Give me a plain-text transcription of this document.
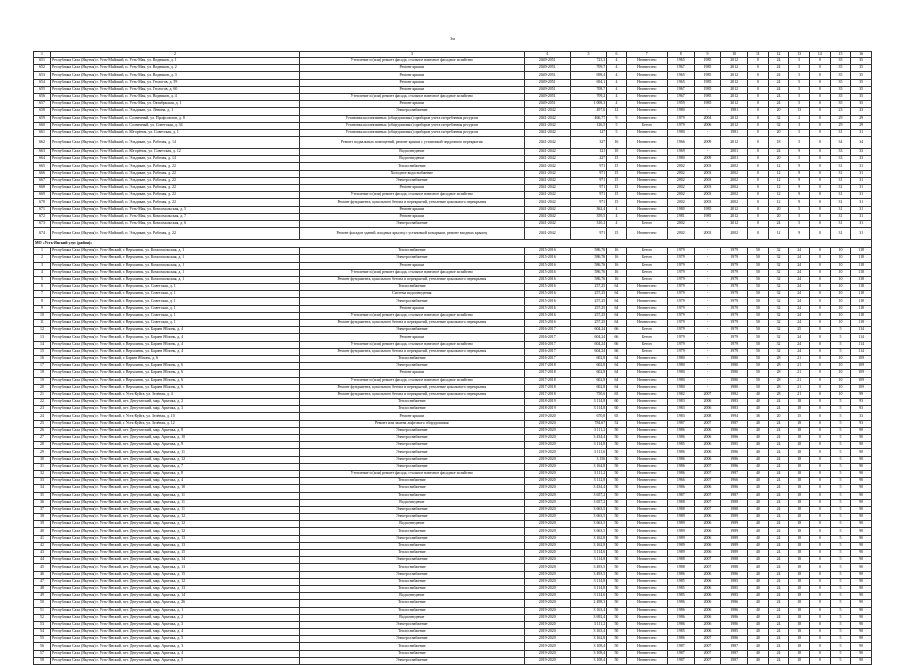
3м
1	2	3	4	5	6	7	8	9	10	11	12	13	14	15	16
651	Республика Саха (Якутия) г. Усть-Майский, п. Усть-Мая, ул. Водников, д. 1	Утепление и (или) ремонт фасада, стальное навесное фасадное хозяйство	2049-2051	723,3	4	Неизвестно	1965	1985	2012	0	24	5	0	35	35
652	Республика Саха (Якутия) г. Усть-Майский, п. Усть-Мая, ул. Водников, д. 2	Ремонт крыши	2049-2051	709,7	4	Неизвестно	1967	1985	2012	0	24	5	0	35	35
653	Республика Саха (Якутия) г. Усть-Майский, п. Усть-Мая, ул. Водников, д. 3	Ремонт крыши	2049-2051	698,4	4	Неизвестно	1965	1985	2012	0	24	5	0	35	35
654	Республика Саха (Якутия) г. Усть-Майский, п. Усть-Мая, ул. Геологов, д. 59	Ремонт крыши	2049-2051	694,1	4	Неизвестно	1965	1985	2012	0	24	5	0	35	35
655	Республика Саха (Якутия) г. Усть-Майский, п. Усть-Мая, ул. Геологов, д. 60	Ремонт крыши	2049-2051	708,7	4	Неизвестно	1967	1985	2012	0	24	5	0	35	35
656	Республика Саха (Якутия) г. Усть-Майский, п. Усть-Мая, ул. Водников, д. 4	Утепление и (или) ремонт фасада, стальное навесное фасадное хозяйство	2049-2051	709,2	4	Неизвестно	1967	1985	2012	0	24	5	0	35	35
657	Республика Саха (Якутия) г. Усть-Майский, п. Усть-Мая, ул. Октябрьская, д. 1	Ремонт крыши	2049-2051	1 008,3	4	Неизвестно	1959	1985	2012	0	24	5	0	35	35
658	Республика Саха (Якутия) г. Усть-Майский, п. Эльдикан, ул. Ленина, д. 1	Электроснабжение	2041-2042	497,0	12	Неизвестно	1980	-	1981	0	20	13	0	23	23
659	Республика Саха (Якутия) г. Усть-Майский, п. Солнечный, ул. Профсоюзов, д. 8	Установка коллективных (общедомовых) приборов учета потребления ресурсов	2041-2042	466,77	9	Неизвестно	1979	2004	2012	0	32	2	0	29	29
660	Республика Саха (Якутия) г. Усть-Майский, п. Солнечный, ул. Советская, д. 34	Установка коллективных (общедомовых) приборов учета потребления ресурсов	2041-2042	126,5	5	Бетон	1979	2006	2012	0	32	3	0	29	29
661	Республика Саха (Якутия) г. Усть-Майский, п. Югорёнок, ул. Советская, д. 1	Установка коллективных (общедомовых) приборов учета потребления ресурсов	2041-2042	127	5	Неизвестно	1980	-	1981	0	20	5	0	31	31
662	Республика Саха (Якутия) г. Усть-Майский, п. Эльдикан, ул. Рабочая, д. 14	Ремонт подвальных помещений, ремонт крыши с установкой чердачного перекрытия	2041-2042	327	16	Неизвестно	1966	2009	2012	0	18	5	0	34	34
663	Республика Саха (Якутия) г. Усть-Майский, п. Югорёнок, ул. Советская, д. 12	Водоотведение	2041-2042	121	10	Неизвестно	1969	-	2001	0	24	9	0	33	33
664	Республика Саха (Якутия) г. Усть-Майский, п. Эльдикан, ул. Рабочая, д. 14	Водоотведение	2041-2042	227	15	Неизвестно	1980	2009	2001	0	20	5	0	33	33
665	Республика Саха (Якутия) г. Усть-Майский, п. Эльдикан, ул. Рабочая, д. 22	Теплоснабжение	2041-2042	971	15	Неизвестно	2002	2003	2002	0	12	9	0	31	31
666	Республика Саха (Якутия) г. Усть-Майский, п. Эльдикан, ул. Рабочая, д. 22	Холодное водоснабжение	2041-2042	971	15	Неизвестно	2002	2003	2002	0	12	9	0	31	31
667	Республика Саха (Якутия) г. Усть-Майский, п. Эльдикан, ул. Рабочая, д. 22	Электроснабжение	2041-2042	971	15	Неизвестно	2002	2003	2002	0	12	9	0	31	31
668	Республика Саха (Якутия) г. Усть-Майский, п. Эльдикан, ул. Рабочая, д. 22	Ремонт крыши	2041-2042	971	15	Неизвестно	2002	2003	2002	0	12	9	0	31	31
669	Республика Саха (Якутия) г. Усть-Майский, п. Эльдикан, ул. Рабочая, д. 22	Утепление и (или) ремонт фасада, стальное навесное фасадное хозяйство	2041-2042	971	15	Неизвестно	2002	2003	2002	0	12	9	0	31	31
670	Республика Саха (Якутия) г. Усть-Майский, п. Эльдикан, ул. Рабочая, д. 22	Ремонт фундамента, цокольного бетона и перекрытий, утепление цокольного перекрытия	2041-2042	971	15	Неизвестно	2002	2003	2002	0	12	9	0	31	31
671	Республика Саха (Якутия) г. Усть-Майский, п. Усть-Мая, ул. Комсомольская, д. 5	Ремонт крыши	2041-2042	362,4	4	Неизвестно	1980	1985	2012	0	20	5	0	31	31
672	Республика Саха (Якутия) г. Усть-Майский, п. Усть-Мая, ул. Комсомольская, д. 7	Ремонт крыши	2041-2042	359,5	4	Неизвестно	1981	1985	2012	0	20	5	0	31	31
673	Республика Саха (Якутия) г. Усть-Майский, п. Усть-Мая, ул. Комсомольская, д. 6	Электроснабжение	2041-2042	310,2	4	Бетон	2002	-	2012	0	24	5	0	31	31
674	Республика Саха (Якутия) г. Усть-Майский, п. Эльдикан, ул. Рабочая, д. 22	Ремонт фасадов зданий, входных крылец с установкой козырьков, ремонт входных крылец	2041-2042	971	15	Неизвестно	2002	2003	2002	0	12	9	0	31	31
МО «Усть-Янский улус (район)»															
1	Республика Саха (Якутия) г. Усть-Янский, г. Верхоянск, ул. Комсомольская, д. 1	Теплоснабжение	2015-2016	586,76	16	Бетон	1979	-	1979	50	32	24	0	10	118
2	Республика Саха (Якутия) г. Усть-Янский, г. Верхоянск, ул. Комсомольская, д. 1	Электроснабжение	2015-2016	586,76	16	Бетон	1979	-	1979	50	32	24	0	10	118
3	Республика Саха (Якутия) г. Усть-Янский, г. Верхоянск, ул. Комсомольская, д. 1	Ремонт крыши	2015-2016	586,76	16	Бетон	1979	-	1979	50	32	24	0	10	118
4	Республика Саха (Якутия) г. Усть-Янский, г. Верхоянск, ул. Комсомольская, д. 1	Утепление и (или) ремонт фасада, стальное навесное фасадное хозяйство	2015-2016	586,76	16	Бетон	1979	-	1979	50	32	24	0	10	118
5	Республика Саха (Якутия) г. Усть-Янский, г. Верхоянск, ул. Комсомольская, д. 1	Ремонт фундамента, цокольного бетона и перекрытий, утепление цокольного перекрытия	2015-2016	586,76	16	Бетон	1979	-	1979	50	32	24	0	10	118
6	Республика Саха (Якутия) г. Усть-Янский, г. Верхоянск, ул. Советская, д. 1	Теплоснабжение	2015-2016	257,25	64	Неизвестно	1979	-	1979	50	32	24	0	10	118
7	Республика Саха (Якутия) г. Усть-Янский, г. Верхоянск, ул. Советская, д. 1	Система водоотведения	2015-2016	257,25	64	Неизвестно	1979	-	1979	50	32	24	0	10	118
8	Республика Саха (Якутия) г. Усть-Янский, г. Верхоянск, ул. Советская, д. 1	Электроснабжение	2015-2016	257,25	64	Неизвестно	1979	-	1979	50	32	24	0	10	118
9	Республика Саха (Якутия) г. Усть-Янский, г. Верхоянск, ул. Советская, д. 1	Ремонт крыши	2015-2016	257,25	64	Неизвестно	1979	-	1979	50	32	24	0	10	118
10	Республика Саха (Якутия) г. Усть-Янский, г. Верхоянск, ул. Советская, д. 1	Утепление и (или) ремонт фасада, стальное навесное фасадное хозяйство	2015-2016	257,25	64	Неизвестно	1979	-	1979	50	32	24	0	10	118
11	Республика Саха (Якутия) г. Усть-Янский, г. Верхоянск, ул. Советская, д. 1	Ремонт фундамента, цокольного бетона и перекрытий, утепление цокольного перекрытия	2015-2016	257,25	64	Неизвестно	1979	-	1979	50	32	24	0	10	118
12	Республика Саха (Якутия) г. Усть-Янский, г. Верхоянск, ул. Бараев Яблонь, д. 4	Электроснабжение	2016-2017	604,24	66	Бетон	1979	-	1979	50	32	25	0	5	114
13	Республика Саха (Якутия) г. Усть-Янский, г. Верхоянск, ул. Бараев Яблонь, д. 4	Ремонт крыши	2016-2017	604,24	66	Бетон	1979	-	1979	50	32	24	0	5	114
14	Республика Саха (Якутия) г. Усть-Янский, г. Верхоянск, ул. Бараев Яблонь, д. 4	Утепление и (или) ремонт фасада, стальное навесное фасадное хозяйство	2016-2017	604,24	66	Бетон	1979	-	1979	50	32	24	0	5	114
15	Республика Саха (Якутия) г. Усть-Янский, г. Верхоянск, ул. Бараев Яблонь, д. 4	Ремонт фундамента, цокольного бетона и перекрытий, утепление цокольного перекрытия	2016-2017	604,24	66	Бетон	1979	-	1979	50	32	24	0	5	114
16	Республика Саха (Якутия) г. Усть-Янский, г. Бараев Яблонь, д. 6	Теплоснабжение	2016-2017	602,8	64	Неизвестно	1980	-	1980	50	28	21	0	10	109
17	Республика Саха (Якутия) г. Усть-Янский, г. Верхоянск, ул. Бараев Яблонь, д. 6	Электроснабжение	2017-2018	602,8	64	Неизвестно	1980	-	1980	50	28	21	0	10	109
18	Республика Саха (Якутия) г. Усть-Янский, г. Верхоянск, ул. Бараев Яблонь, д. 6	Ремонт крыши	2017-2018	602,8	64	Неизвестно	1980	-	1980	50	28	21	0	10	109
19	Республика Саха (Якутия) г. Усть-Янский, г. Верхоянск, ул. Бараев Яблонь, д. 6	Утепление и (или) ремонт фасада, стальное навесное фасадное хозяйство	2017-2018	602,8	64	Неизвестно	1980	-	1980	50	28	21	0	10	109
20	Республика Саха (Якутия) г. Усть-Янский, г. Верхоянск, ул. Бараев Яблонь, д. 6	Ремонт фундамента, цокольного бетона и перекрытий, утепление цокольного перекрытия	2017-2018	602,8	64	Неизвестно	1980	-	1980	50	28	21	0	10	109
21	Республика Саха (Якутия) г. Усть-Янский, г. Усть-Куйга, ул. Зелёная, д. 4	Ремонт фундамента, цокольного бетона и перекрытий, утепление цокольного перекрытия	2017-2018	750,6	65	Неизвестно	1982	2007	1982	40	28	21	0	10	99
22	Республика Саха (Якутия) г. Усть-Янский, пгт. Депутатский, мкр. Арктика, д. 2	Теплоснабжение	2018-2019	3 114,8	60	Неизвестно	1983	2006	1983	40	24	18	0	5	93
23	Республика Саха (Якутия) г. Усть-Янский, пгт. Депутатский, мкр. Арктика, д. 3	Теплоснабжение	2018-2019	3 114,8	60	Неизвестно	1983	2006	1983	40	24	18	0	5	93
24	Республика Саха (Якутия) г. Усть-Янский, г. Усть-Куйга, ул. Зелёная, д. 10	Ремонт крыши	2019-2020	670,8	65	Неизвестно	1983	2008	1994	36	20	15	0	5	33
25	Республика Саха (Якутия) г. Усть-Янский, г. Усть-Куйга, ул. Зелёная, д. 12	Ремонт или замена лифтового оборудования	2019-2020	784,67	52	Неизвестно	1987	2007	1987	40	24	18	0	5	93
26	Республика Саха (Якутия) г. Усть-Янский, пгт. Депутатский, мкр. Арктика, д. 8	Электроснабжение	2019-2020	3 111,2	50	Неизвестно	1986	2006	1986	40	24	18	0	5	90
27	Республика Саха (Якутия) г. Усть-Янский, пгт. Депутатский, мкр. Арктика, д. 10	Электроснабжение	2019-2020	3 434,4	50	Неизвестно	1986	2006	1986	40	24	18	0	5	90
28	Республика Саха (Якутия) г. Усть-Янский, пгт. Депутатский, мкр. Арктика, д. 9	Электроснабжение	2019-2020	3 114,8	50	Неизвестно	1985	2006	1985	40	24	18	0	5	90
29	Республика Саха (Якутия) г. Усть-Янский, пгт. Депутатский, мкр. Арктика, д. 11	Электроснабжение	2019-2020	3 111,6	50	Неизвестно	1986	2006	1986	40	24	18	0	5	90
30	Республика Саха (Якутия) г. Усть-Янский, пгт. Депутатский, мкр. Арктика, д. 12	Электроснабжение	2019-2020	3 156	50	Неизвестно	1986	2006	1986	40	24	18	0	5	90
31	Республика Саха (Якутия) г. Усть-Янский, пгт. Депутатский, мкр. Арктика, д. 7	Электроснабжение	2019-2020	3 164,8	50	Неизвестно	1986	2007	1986	40	24	18	0	5	90
32	Республика Саха (Якутия) г. Усть-Янский, пгт. Депутатский, мкр. Арктика, д. 8	Утепление и (или) ремонт фасада, стальное навесное фасадное хозяйство	2019-2020	3 111,2	50	Неизвестно	1986	2007	1987	40	24	18	0	5	90
33	Республика Саха (Якутия) г. Усть-Янский, пгт. Депутатский, мкр. Арктика, д. 4	Теплоснабжение	2019-2020	3 112,8	50	Неизвестно	1966	2007	1966	40	24	18	0	5	90
34	Республика Саха (Якутия) г. Усть-Янский, пгт. Депутатский, мкр. Арктика, д. 10	Теплоснабжение	2019-2020	3 434,4	50	Неизвестно	1986	2006	1986	40	24	18	0	5	90
35	Республика Саха (Якутия) г. Усть-Янский, пгт. Депутатский, мкр. Арктика, д. 11	Теплоснабжение	2019-2020	3 657,2	50	Неизвестно	1987	2007	1987	40	24	18	0	5	90
36	Республика Саха (Якутия) г. Усть-Янский, пгт. Депутатский, мкр. Арктика, д. 11	Водоотведение	2019-2020	3 657,2	50	Неизвестно	1988	2007	1988	40	24	18	0	5	90
37	Республика Саха (Якутия) г. Усть-Янский, пгт. Депутатский, мкр. Арктика, д. 11	Электроснабжение	2019-2020	3 663,5	50	Неизвестно	1988	2007	1988	40	24	18	0	5	90
38	Республика Саха (Якутия) г. Усть-Янский, пгт. Депутатский, мкр. Арктика, д. 12	Электроснабжение	2019-2020	3 663,5	50	Неизвестно	1989	2006	1989	40	24	18	0	5	90
39	Республика Саха (Якутия) г. Усть-Янский, пгт. Депутатский, мкр. Арктика, д. 12	Водоотведение	2019-2020	3 663,5	50	Неизвестно	1989	2006	1989	40	24	18	0	5	90
40	Республика Саха (Якутия) г. Усть-Янский, пгт. Депутатский, мкр. Арктика, д. 12	Теплоснабжение	2019-2020	3 663,5	50	Неизвестно	1989	2006	1989	40	24	18	0	5	90
41	Республика Саха (Якутия) г. Усть-Янский, пгт. Депутатский, мкр. Арктика, д. 13	Электроснабжение	2019-2020	3 162,8	50	Неизвестно	1989	2006	1989	40	24	18	0	5	90
42	Республика Саха (Якутия) г. Усть-Янский, пгт. Депутатский, мкр. Арктика, д. 13	Теплоснабжение	2019-2020	3 162,8	50	Неизвестно	1989	2006	1989	40	24	18	0	5	90
43	Республика Саха (Якутия) г. Усть-Янский, пгт. Депутатский, мкр. Арктика, д. 15	Теплоснабжение	2019-2020	3 114,6	50	Неизвестно	1989	2006	1989	40	24	18	0	5	90
44	Республика Саха (Якутия) г. Усть-Янский, пгт. Депутатский, мкр. Арктика, д. 14	Электроснабжение	2019-2020	3 114,8	50	Неизвестно	1988	2007	1988	40	24	18	0	5	90
45	Республика Саха (Якутия) г. Усть-Янский, пгт. Депутатский, мкр. Арктика, д. 13	Теплоснабжение	2019-2020	3 493,5	50	Неизвестно	1988	2007	1988	40	24	18	0	5	90
46	Республика Саха (Якутия) г. Усть-Янский, пгт. Депутатский, мкр. Арктика, д. 15	Электроснабжение	2019-2020	3 493,5	50	Неизвестно	1986	2006	1986	40	24	18	0	5	90
47	Республика Саха (Якутия) г. Усть-Янский, пгт. Депутатский, мкр. Арктика, д. 12	Теплоснабжение	2019-2020	3 114,8	50	Неизвестно	1985	2006	1985	40	24	18	0	5	90
48	Республика Саха (Якутия) г. Усть-Янский, пгт. Депутатский, мкр. Арктика, д. 13	Теплоснабжение	2019-2020	3 114,8	50	Неизвестно	1985	2006	1985	40	24	18	0	5	90
49	Республика Саха (Якутия) г. Усть-Янский, пгт. Депутатский, мкр. Арктика, д. 14	Водоотведение	2019-2020	3 114,6	50	Неизвестно	1985	2006	1985	40	24	18	0	5	90
50	Республика Саха (Якутия) г. Усть-Янский, пгт. Депутатский, мкр. Арктика, д. 26	Теплоснабжение	2019-2020	2 498,3	50	Неизвестно	1986	2006	1986	40	24	18	0	5	90
51	Республика Саха (Якутия) г. Усть-Янский, пгт. Депутатский, мкр. Арктика, д. 1	Теплоснабжение	2019-2020	3 163,4	50	Неизвестно	1986	2006	1986	40	24	18	0	5	90
52	Республика Саха (Якутия) г. Усть-Янский, пгт. Депутатский, мкр. Арктика, д. 2	Водоотведение	2019-2020	3 692,4	50	Неизвестно	1986	2006	1986	40	24	18	0	5	90
53	Республика Саха (Якутия) г. Усть-Янский, пгт. Депутатский, мкр. Арктика, д. 3	Электроснабжение	2019-2020	3 111,2	50	Неизвестно	1986	2006	1986	40	24	18	0	5	90
54	Республика Саха (Якутия) г. Усть-Янский, пгт. Депутатский, мкр. Арктика, д. 4	Теплоснабжение	2019-2020	3 163,4	50	Неизвестно	1985	2006	1985	40	24	18	0	5	90
55	Республика Саха (Якутия) г. Усть-Янский, пгт. Депутатский, мкр. Арктика, д. 5	Электроснабжение	2019-2020	3 162,8	50	Неизвестно	1986	2007	1986	40	24	18	0	5	90
56	Республика Саха (Якутия) г. Усть-Янский, пгт. Депутатский, мкр. Арктика, д. 3	Теплоснабжение	2019-2020	3 108,4	50	Неизвестно	1987	2007	1987	40	24	18	0	5	90
57	Республика Саха (Якутия) г. Усть-Янский, пгт. Депутатский, мкр. Арктика, д. 4	Теплоснабжение	2019-2020	3 108,4	50	Неизвестно	1987	2007	1987	40	24	18	0	5	90
58	Республика Саха (Якутия) г. Усть-Янский, пгт. Депутатский, мкр. Арктика, д. 5	Электроснабжение	2019-2020	3 108,4	50	Неизвестно	1987	2007	1987	40	24	18	0	5	90
